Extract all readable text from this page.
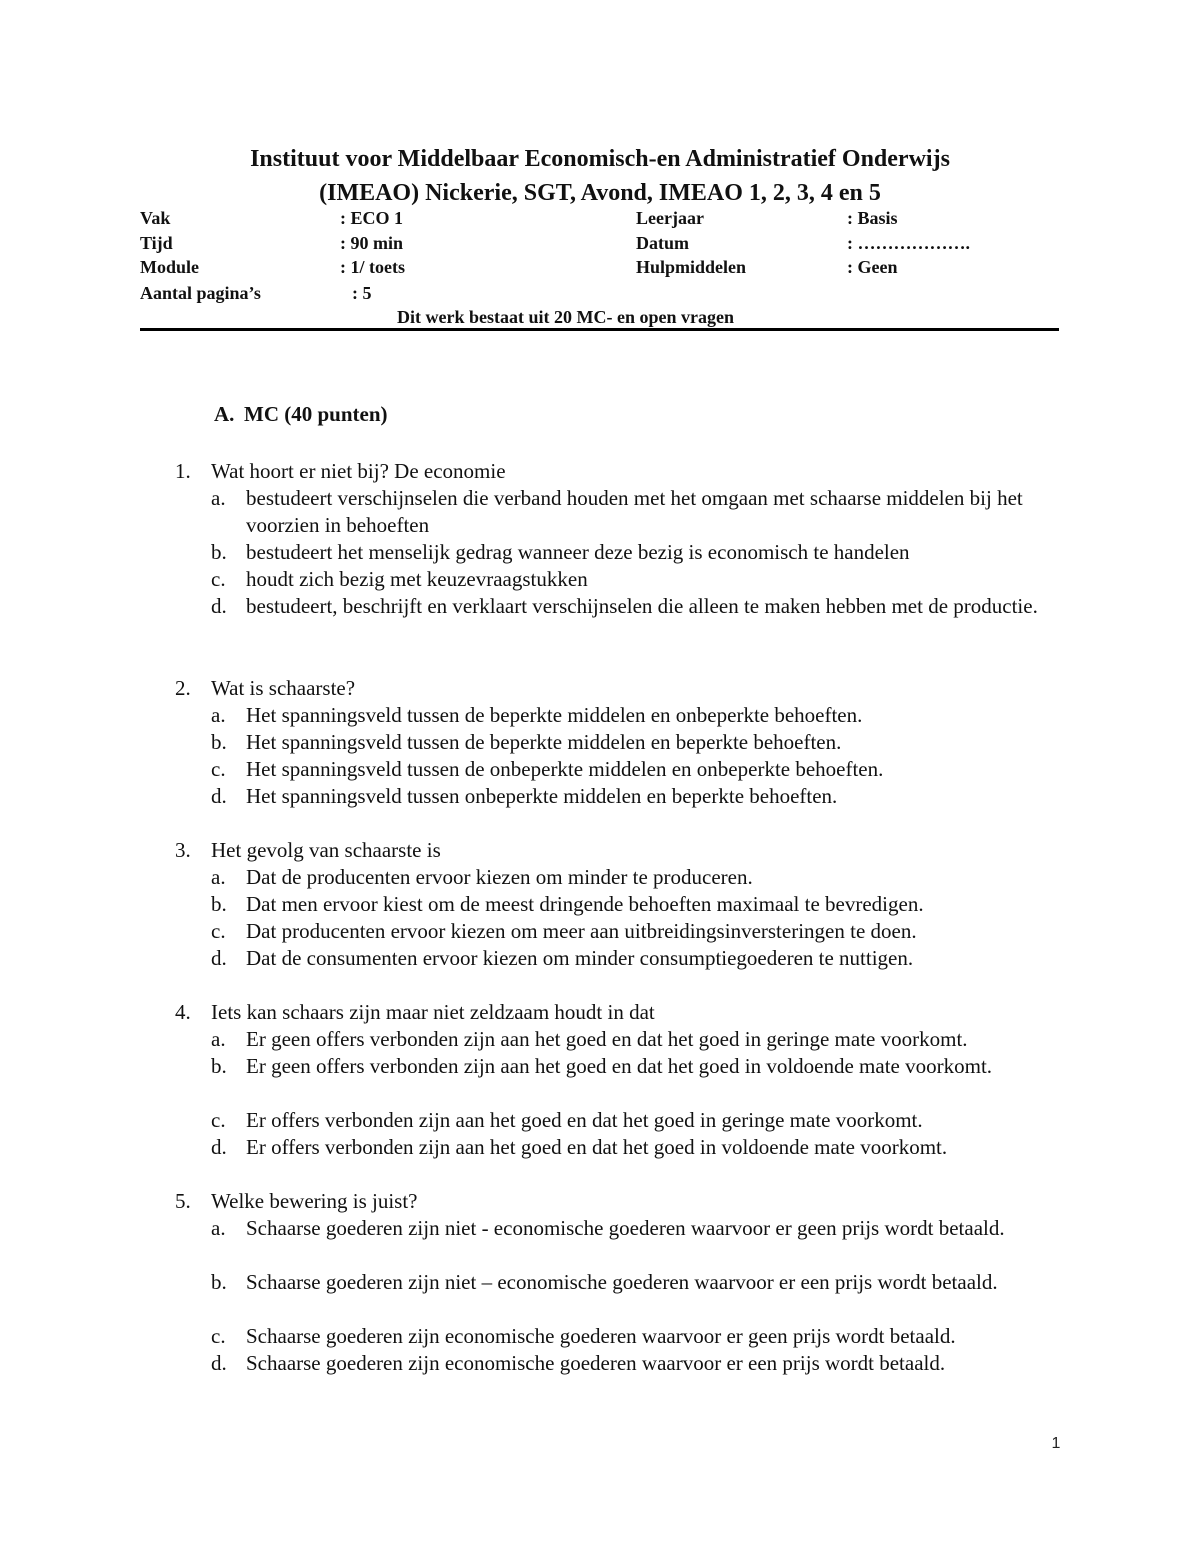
Instituut voor Middelbaar Economisch-en Administratief Onderwijs
(IMEAO) Nickerie, SGT, Avond, IMEAO 1, 2, 3, 4 en 5
Vak	: ECO 1	Leerjaar	: Basis
Tijd	: 90 min	Datum	: ……………….
Module	: 1/ toets	Hulpmiddelen	: Geen
Aantal pagina’s	: 5
Dit werk bestaat uit 20 MC- en open vragen
A. MC (40 punten)
1. Wat hoort er niet bij? De economie
a. bestudeert verschijnselen die verband houden met het omgaan met schaarse middelen bij het voorzien in behoeften
b. bestudeert het menselijk gedrag wanneer deze bezig is economisch te handelen
c. houdt zich bezig met keuzevraagstukken
d. bestudeert, beschrijft en verklaart verschijnselen die alleen te maken hebben met de productie.
2. Wat is schaarste?
a. Het spanningsveld tussen de beperkte middelen en onbeperkte behoeften.
b. Het spanningsveld tussen de beperkte middelen en beperkte behoeften.
c. Het spanningsveld tussen de onbeperkte middelen en onbeperkte behoeften.
d. Het spanningsveld tussen onbeperkte middelen en beperkte behoeften.
3. Het gevolg van schaarste is
a. Dat de producenten ervoor kiezen om minder te produceren.
b. Dat men ervoor kiest om de meest dringende behoeften maximaal te bevredigen.
c. Dat producenten ervoor kiezen om meer aan uitbreidingsinversteringen te doen.
d. Dat de consumenten ervoor kiezen om minder consumptiegoederen te nuttigen.
4. Iets kan schaars zijn maar niet zeldzaam houdt in dat
a. Er geen offers verbonden zijn aan het goed en dat het goed in geringe mate voorkomt.
b. Er geen offers verbonden zijn aan het goed en dat het goed in voldoende mate voorkomt.
c. Er offers verbonden zijn aan het goed en dat het goed in geringe mate voorkomt.
d. Er offers verbonden zijn aan het goed en dat het goed in voldoende mate voorkomt.
5. Welke bewering is juist?
a. Schaarse goederen zijn niet - economische goederen waarvoor er geen prijs wordt betaald.
b. Schaarse goederen zijn niet – economische goederen waarvoor er een prijs wordt betaald.
c. Schaarse goederen zijn economische goederen waarvoor er geen prijs wordt betaald.
d. Schaarse goederen zijn economische goederen waarvoor er een prijs wordt betaald.
1
